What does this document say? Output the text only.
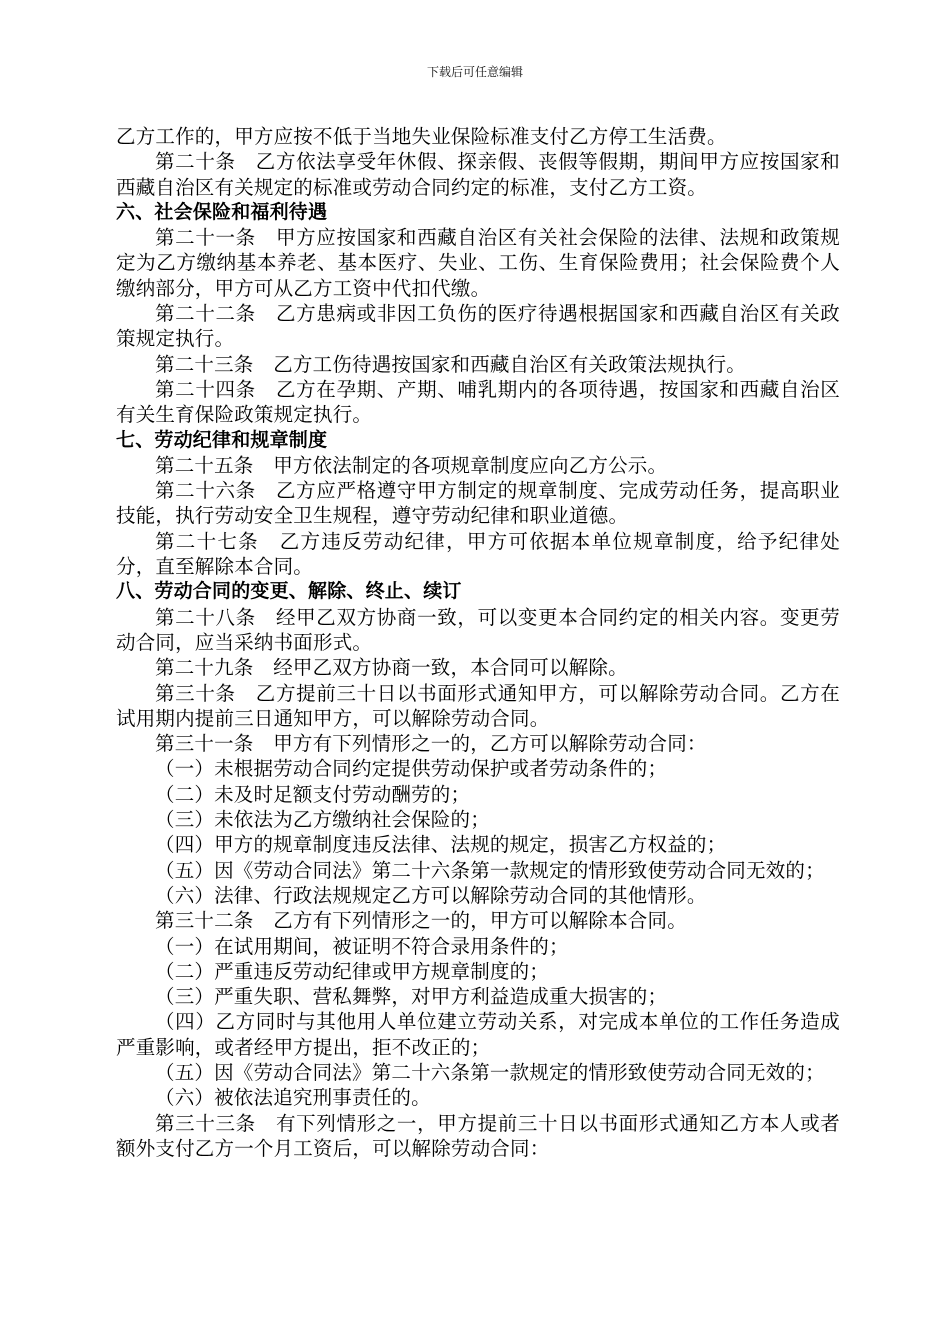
下载后可任意编辑

乙方工作的，甲方应按不低于当地失业保险标准支付乙方停工生活费。

第二十条　乙方依法享受年休假、探亲假、丧假等假期，期间甲方应按国家和西藏自治区有关规定的标准或劳动合同约定的标准，支付乙方工资。

六、社会保险和福利待遇

第二十一条　甲方应按国家和西藏自治区有关社会保险的法律、法规和政策规定为乙方缴纳基本养老、基本医疗、失业、工伤、生育保险费用；社会保险费个人缴纳部分，甲方可从乙方工资中代扣代缴。

第二十二条　乙方患病或非因工负伤的医疗待遇根据国家和西藏自治区有关政策规定执行。

第二十三条　乙方工伤待遇按国家和西藏自治区有关政策法规执行。

第二十四条　乙方在孕期、产期、哺乳期内的各项待遇，按国家和西藏自治区有关生育保险政策规定执行。

七、劳动纪律和规章制度

第二十五条　甲方依法制定的各项规章制度应向乙方公示。

第二十六条　乙方应严格遵守甲方制定的规章制度、完成劳动任务，提高职业技能，执行劳动安全卫生规程，遵守劳动纪律和职业道德。

第二十七条　乙方违反劳动纪律，甲方可依据本单位规章制度，给予纪律处分，直至解除本合同。

八、劳动合同的变更、解除、终止、续订

第二十八条　经甲乙双方协商一致，可以变更本合同约定的相关内容。变更劳动合同，应当采纳书面形式。

第二十九条　经甲乙双方协商一致，本合同可以解除。

第三十条　乙方提前三十日以书面形式通知甲方，可以解除劳动合同。乙方在试用期内提前三日通知甲方，可以解除劳动合同。

第三十一条　甲方有下列情形之一的，乙方可以解除劳动合同：

（一）未根据劳动合同约定提供劳动保护或者劳动条件的；

（二）未及时足额支付劳动酬劳的；

（三）未依法为乙方缴纳社会保险的；

（四）甲方的规章制度违反法律、法规的规定，损害乙方权益的；

（五）因《劳动合同法》第二十六条第一款规定的情形致使劳动合同无效的；

（六）法律、行政法规规定乙方可以解除劳动合同的其他情形。

第三十二条　乙方有下列情形之一的，甲方可以解除本合同。

（一）在试用期间，被证明不符合录用条件的；

（二）严重违反劳动纪律或甲方规章制度的；

（三）严重失职、营私舞弊，对甲方利益造成重大损害的；

（四）乙方同时与其他用人单位建立劳动关系，对完成本单位的工作任务造成严重影响，或者经甲方提出，拒不改正的；

（五）因《劳动合同法》第二十六条第一款规定的情形致使劳动合同无效的；

（六）被依法追究刑事责任的。

第三十三条　有下列情形之一，甲方提前三十日以书面形式通知乙方本人或者额外支付乙方一个月工资后，可以解除劳动合同：
